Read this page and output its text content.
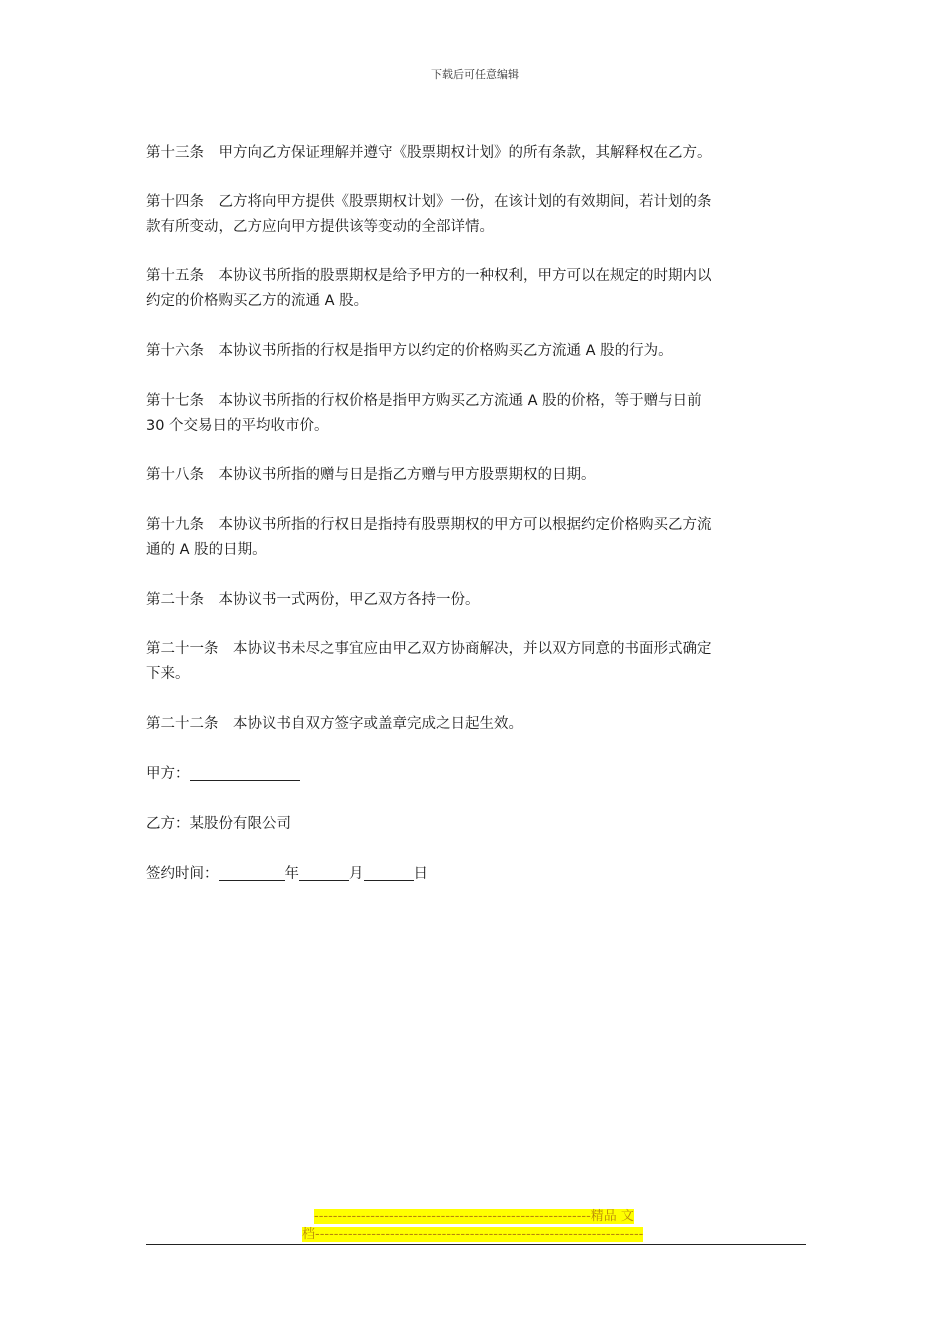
下载后可任意编辑

第十三条　甲方向乙方保证理解并遵守《股票期权计划》的所有条款，其解释权在乙方。

第十四条　乙方将向甲方提供《股票期权计划》一份，在该计划的有效期间，若计划的条

款有所变动，乙方应向甲方提供该等变动的全部详情。

第十五条　本协议书所指的股票期权是给予甲方的一种权利，甲方可以在规定的时期内以

约定的价格购买乙方的流通 A 股。

第十六条　本协议书所指的行权是指甲方以约定的价格购买乙方流通 A 股的行为。

第十七条　本协议书所指的行权价格是指甲方购买乙方流通 A 股的价格，等于赠与日前

30 个交易日的平均收市价。

第十八条　本协议书所指的赠与日是指乙方赠与甲方股票期权的日期。

第十九条　本协议书所指的行权日是指持有股票期权的甲方可以根据约定价格购买乙方流

通的 A 股的日期。

第二十条　本协议书一式两份，甲乙双方各持一份。

第二十一条　本协议书未尽之事宜应由甲乙双方协商解决，并以双方同意的书面形式确定

下来。

第二十二条　本协议书自双方签字或盖章完成之日起生效。

甲方：
乙方：某股份有限公司
签约时间：	年	月	日
-----------------------------------------------------------精品 文
档----------------------------------------------------------------------
